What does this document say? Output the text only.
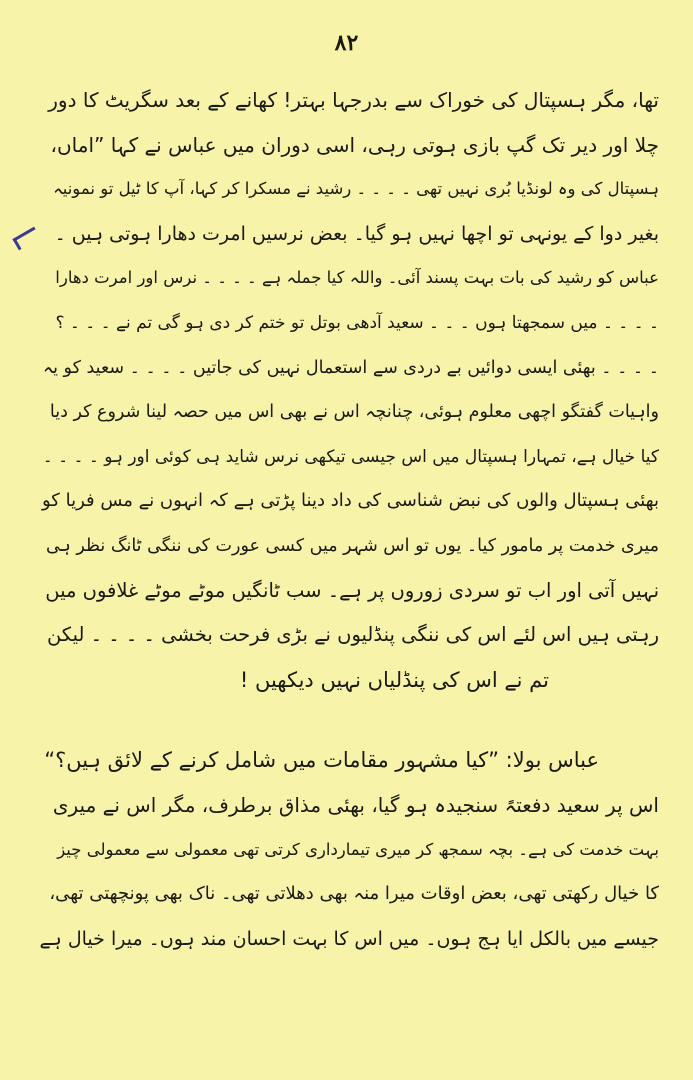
۸۲
تھا، مگر ہسپتال کی خوراک سے بدرجہا بہتر! کھانے کے بعد سگریٹ کا دور
چلا اور دیر تک گپ بازی ہوتی رہی، اسی دوران میں عباس نے کہا ”اماں،
ہسپتال کی وہ لونڈیا بُری نہیں تھی ۔ ۔ ۔ ۔ رشید نے مسکرا کر کہا، آپ کا ٹیل تو نمونیہ
بغیر دوا کے یونہی تو اچھا نہیں ہو گیا۔ بعض نرسیں امرت دھارا ہوتی ہیں ۔
عباس کو رشید کی بات بہت پسند آئی۔ واللہ کیا جملہ ہے ۔ ۔ ۔ ۔ نرس اور امرت دھارا
۔ ۔ ۔ ۔ میں سمجھتا ہوں ۔ ۔ ۔ سعید آدھی بوتل تو ختم کر دی ہو گی تم نے ۔ ۔ ۔ ؟
۔ ۔ ۔ ۔ بھئی ایسی دوائیں بے دردی سے استعمال نہیں کی جاتیں ۔ ۔ ۔ ۔ سعید کو یہ
واہیات گفتگو اچھی معلوم ہوئی، چنانچہ اس نے بھی اس میں حصہ لینا شروع کر دیا
کیا خیال ہے، تمہارا ہسپتال میں اس جیسی تیکھی نرس شاید ہی کوئی اور ہو ۔ ۔ ۔ ۔
بھئی ہسپتال والوں کی نبض شناسی کی داد دینا پڑتی ہے کہ انہوں نے مس فریا کو
میری خدمت پر مامور کیا۔ یوں تو اس شہر میں کسی عورت کی ننگی ٹانگ نظر ہی
نہیں آتی اور اب تو سردی زوروں پر ہے۔ سب ٹانگیں موٹے موٹے غلافوں میں
رہتی ہیں اس لئے اس کی ننگی پنڈلیوں نے بڑی فرحت بخشی ۔ ۔ ۔ ۔ لیکن
تم نے اس کی پنڈلیاں نہیں دیکھیں !
عباس بولا: ”کیا مشہور مقامات میں شامل کرنے کے لائق ہیں؟“
اس پر سعید دفعتہً سنجیدہ ہو گیا، بھئی مذاق برطرف، مگر اس نے میری
بہت خدمت کی ہے۔ بچہ سمجھ کر میری تیمارداری کرتی تھی معمولی سے معمولی چیز
کا خیال رکھتی تھی، بعض اوقات میرا منہ بھی دھلاتی تھی۔ ناک بھی پونچھتی تھی،
جیسے میں بالکل ایا ہج ہوں۔ میں اس کا بہت احسان مند ہوں۔ میرا خیال ہے
